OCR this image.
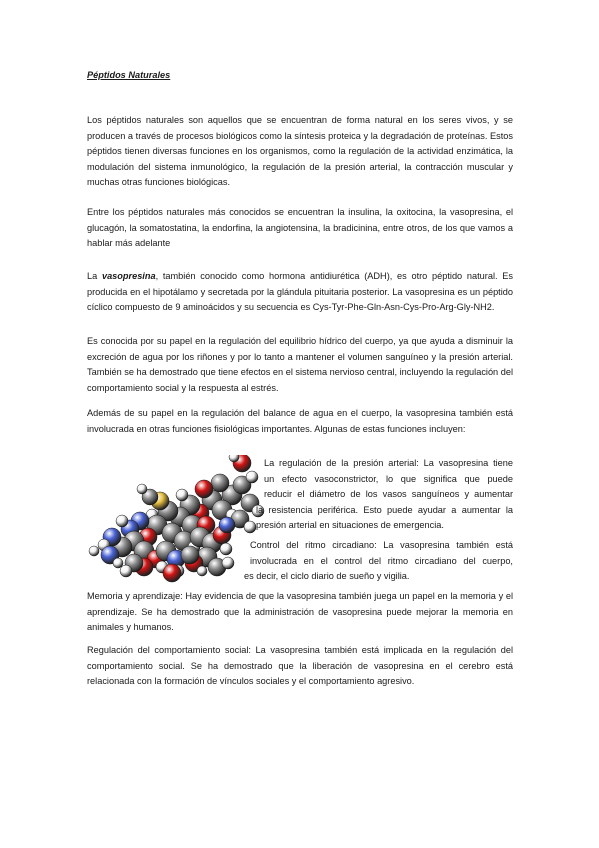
Péptidos Naturales

Los péptidos naturales son aquellos que se encuentran de forma natural en los seres vivos, y se producen a través de procesos biológicos como la síntesis proteica y la degradación de proteínas. Estos péptidos tienen diversas funciones en los organismos, como la regulación de la actividad enzimática, la modulación del sistema inmunológico, la regulación de la presión arterial, la contracción muscular y muchas otras funciones biológicas.

Entre los péptidos naturales más conocidos se encuentran la insulina, la oxitocina, la vasopresina, el glucagón, la somatostatina, la endorfina, la angiotensina, la bradicinina, entre otros, de los que vamos a hablar más adelante

La vasopresina, también conocido como hormona antidiurética (ADH), es otro péptido natural. Es producida en el hipotálamo y secretada por la glándula pituitaria posterior. La vasopresina es un péptido cíclico compuesto de 9 aminoácidos y su secuencia es Cys-Tyr-Phe-Gln-Asn-Cys-Pro-Arg-Gly-NH2.

Es conocida por su papel en la regulación del equilibrio hídrico del cuerpo, ya que ayuda a disminuir la excreción de agua por los riñones y por lo tanto a mantener el volumen sanguíneo y la presión arterial. También se ha demostrado que tiene efectos en el sistema nervioso central, incluyendo la regulación del comportamiento social y la respuesta al estrés.

Además de su papel en la regulación del balance de agua en el cuerpo, la vasopresina también está involucrada en otras funciones fisiológicas importantes. Algunas de estas funciones incluyen:

La regulación de la presión arterial: La vasopresina tiene
un efecto vasoconstrictor, lo que significa que puede
reducir el diámetro de los vasos sanguíneos y aumentar
la resistencia periférica. Esto puede ayudar a aumentar la
presión arterial en situaciones de emergencia.
Control del ritmo circadiano: La vasopresina también está
involucrada en el control del ritmo circadiano del cuerpo,
es decir, el ciclo diario de sueño y vigilia.

Memoria y aprendizaje: Hay evidencia de que la vasopresina también juega un papel en la memoria y el aprendizaje. Se ha demostrado que la administración de vasopresina puede mejorar la memoria en animales y humanos.

Regulación del comportamiento social: La vasopresina también está implicada en la regulación del comportamiento social. Se ha demostrado que la liberación de vasopresina en el cerebro está relacionada con la formación de vínculos sociales y el comportamiento agresivo.
